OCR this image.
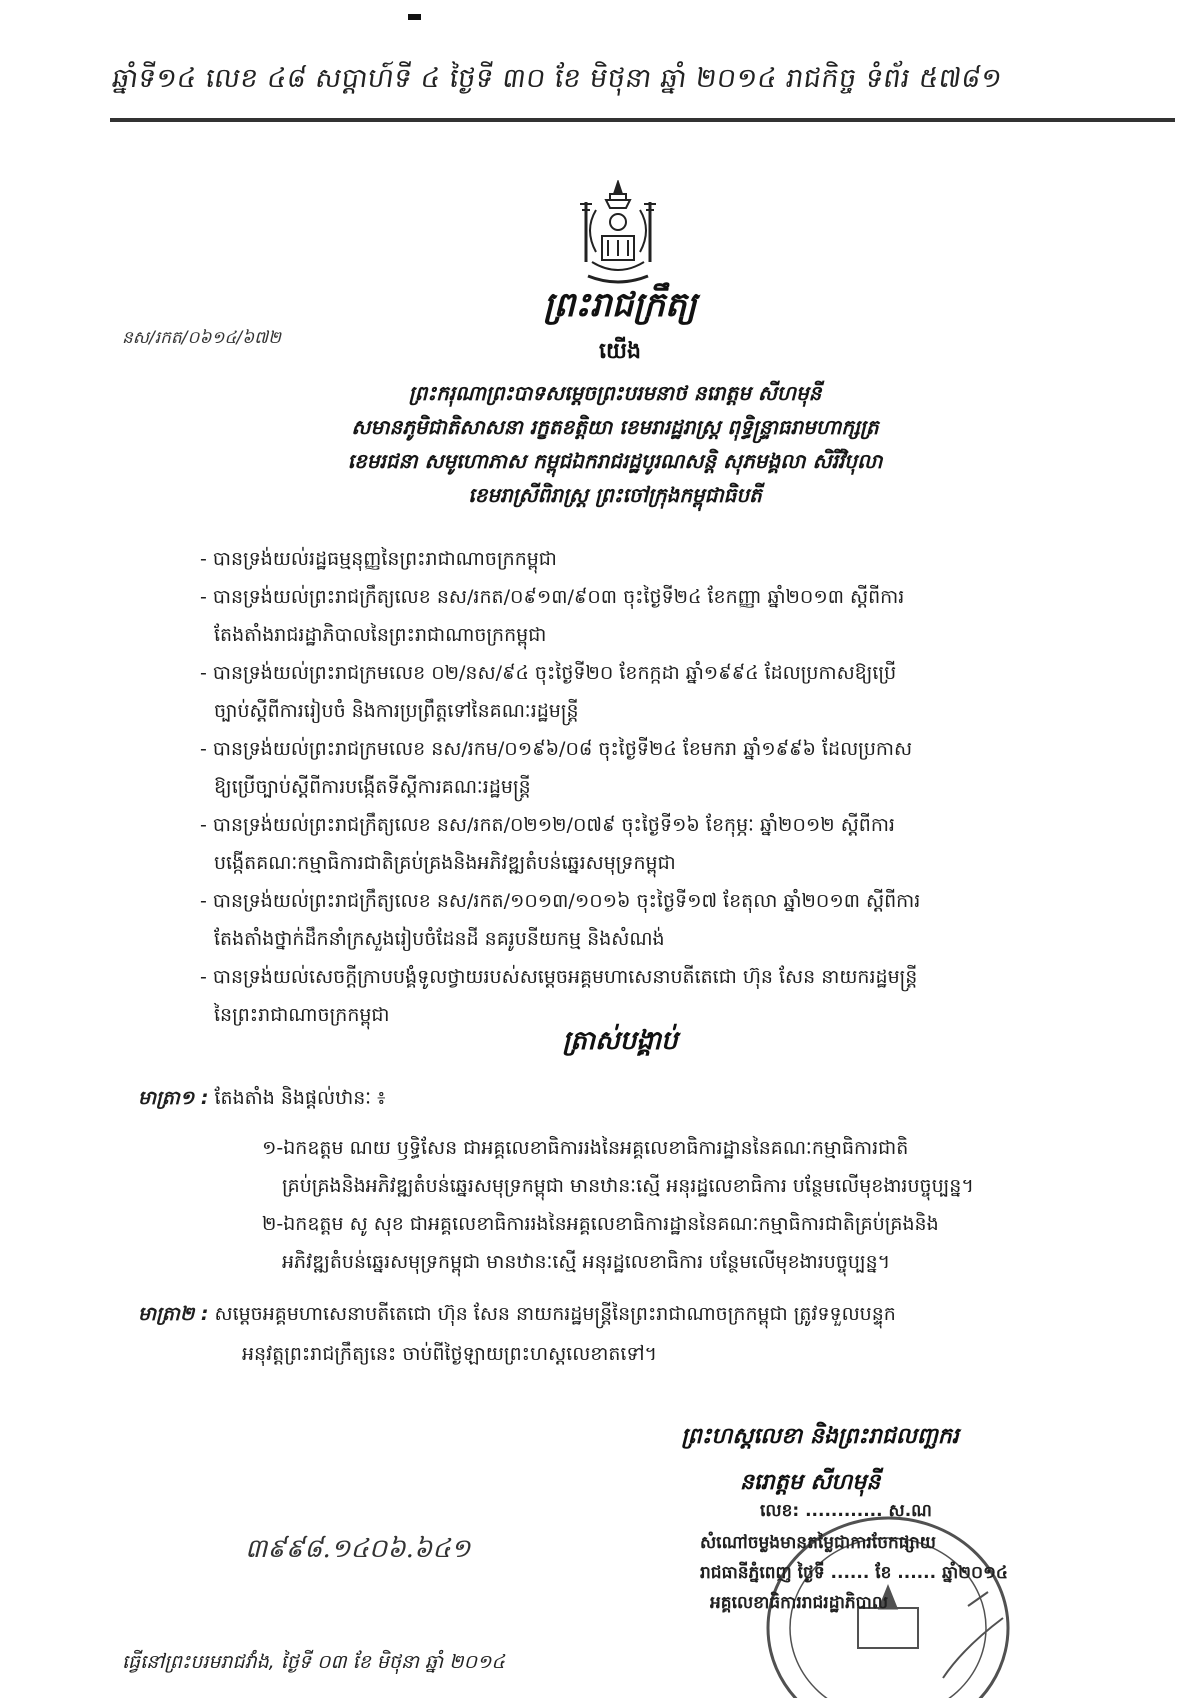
ឆ្នាំទី១៤ លេខ ៤៨ សប្តាហ៍ទី ៤ ថ្ងៃទី ៣០ ខែ មិថុនា ឆ្នាំ ២០១៤ រាជកិច្ច ទំព័រ ៥៧៨១
ព្រះរាជក្រឹត្យ
នស/រកត/០៦១៤/៦៧២
យើង
ព្រះករុណាព្រះបាទសម្តេចព្រះបរមនាថ នរោត្តម សីហមុនី
សមានភូមិជាតិសាសនា រក្ខតខត្តិយា ខេមរារដ្ឋរាស្ត្រ ពុទ្ធិន្ទ្រាធរាមហាក្សត្រ
ខេមរជនា សមូហោភាស កម្ពុជឯករាជរដ្ឋបូរណសន្តិ សុភមង្គលា សិរីវិបុលា
ខេមរាស្រីពិរាស្ត្រ ព្រះចៅក្រុងកម្ពុជាធិបតី
- បានទ្រង់យល់រដ្ឋធម្មនុញ្ញនៃព្រះរាជាណាចក្រកម្ពុជា
- បានទ្រង់យល់ព្រះរាជក្រឹត្យលេខ នស/រកត/០៩១៣/៩០៣ ចុះថ្ងៃទី២៤ ខែកញ្ញា ឆ្នាំ២០១៣ ស្តីពីការ
តែងតាំងរាជរដ្ឋាភិបាលនៃព្រះរាជាណាចក្រកម្ពុជា
- បានទ្រង់យល់ព្រះរាជក្រមលេខ ០២/នស/៩៤ ចុះថ្ងៃទី២០ ខែកក្កដា ឆ្នាំ១៩៩៤ ដែលប្រកាសឱ្យប្រើ
ច្បាប់ស្តីពីការរៀបចំ និងការប្រព្រឹត្តទៅនៃគណៈរដ្ឋមន្ត្រី
- បានទ្រង់យល់ព្រះរាជក្រមលេខ នស/រកម/០១៩៦/០៨ ចុះថ្ងៃទី២៤ ខែមករា ឆ្នាំ១៩៩៦ ដែលប្រកាស
ឱ្យប្រើច្បាប់ស្តីពីការបង្កើតទីស្តីការគណៈរដ្ឋមន្ត្រី
- បានទ្រង់យល់ព្រះរាជក្រឹត្យលេខ នស/រកត/០២១២/០៧៩ ចុះថ្ងៃទី១៦ ខែកុម្ភៈ ឆ្នាំ២០១២ ស្តីពីការ
បង្កើតគណៈកម្មាធិការជាតិគ្រប់គ្រងនិងអភិវឌ្ឍតំបន់ឆ្នេរសមុទ្រកម្ពុជា
- បានទ្រង់យល់ព្រះរាជក្រឹត្យលេខ នស/រកត/១០១៣/១០១៦ ចុះថ្ងៃទី១៧ ខែតុលា ឆ្នាំ២០១៣ ស្តីពីការ
តែងតាំងថ្នាក់ដឹកនាំក្រសួងរៀបចំដែនដី នគរូបនីយកម្ម និងសំណង់
- បានទ្រង់យល់សេចក្តីក្រាបបង្គំទូលថ្វាយរបស់សម្តេចអគ្គមហាសេនាបតីតេជោ ហ៊ុន សែន នាយករដ្ឋមន្ត្រី
នៃព្រះរាជាណាចក្រកម្ពុជា
ត្រាស់បង្គាប់
មាត្រា១ : តែងតាំង និងផ្តល់ឋានៈ ៖
១-ឯកឧត្តម ណយ ឫទ្ធិសែន ជាអគ្គលេខាធិការរងនៃអគ្គលេខាធិការដ្ឋាននៃគណៈកម្មាធិការជាតិ
គ្រប់គ្រងនិងអភិវឌ្ឍតំបន់ឆ្នេរសមុទ្រកម្ពុជា មានឋានៈស្មើ អនុរដ្ឋលេខាធិការ បន្ថែមលើមុខងារបច្ចុប្បន្ន។
២-ឯកឧត្តម សូ សុខ ជាអគ្គលេខាធិការរងនៃអគ្គលេខាធិការដ្ឋាននៃគណៈកម្មាធិការជាតិគ្រប់គ្រងនិង
អភិវឌ្ឍតំបន់ឆ្នេរសមុទ្រកម្ពុជា មានឋានៈស្មើ អនុរដ្ឋលេខាធិការ បន្ថែមលើមុខងារបច្ចុប្បន្ន។
មាត្រា២ : សម្តេចអគ្គមហាសេនាបតីតេជោ ហ៊ុន សែន នាយករដ្ឋមន្ត្រីនៃព្រះរាជាណាចក្រកម្ពុជា ត្រូវទទួលបន្ទុក
អនុវត្តព្រះរាជក្រឹត្យនេះ ចាប់ពីថ្ងៃឡាយព្រះហស្តលេខាតទៅ។
ព្រះហស្តលេខា និងព្រះរាជលញ្ឆករ
នរោត្តម សីហមុនី
៣៩៩៨.១៤០៦.៦៤១
លេខ: ............ ស.ណ
សំណៅចម្លងមានតម្លៃជាការចែកផ្សាយ
រាជធានីភ្នំពេញ ថ្ងៃទី ...... ខែ ...... ឆ្នាំ២០១៤
អគ្គលេខាធិការរាជរដ្ឋាភិបាល
ធ្វើនៅព្រះបរមរាជវាំង, ថ្ងៃទី ០៣ ខែ មិថុនា ឆ្នាំ ២០១៤
